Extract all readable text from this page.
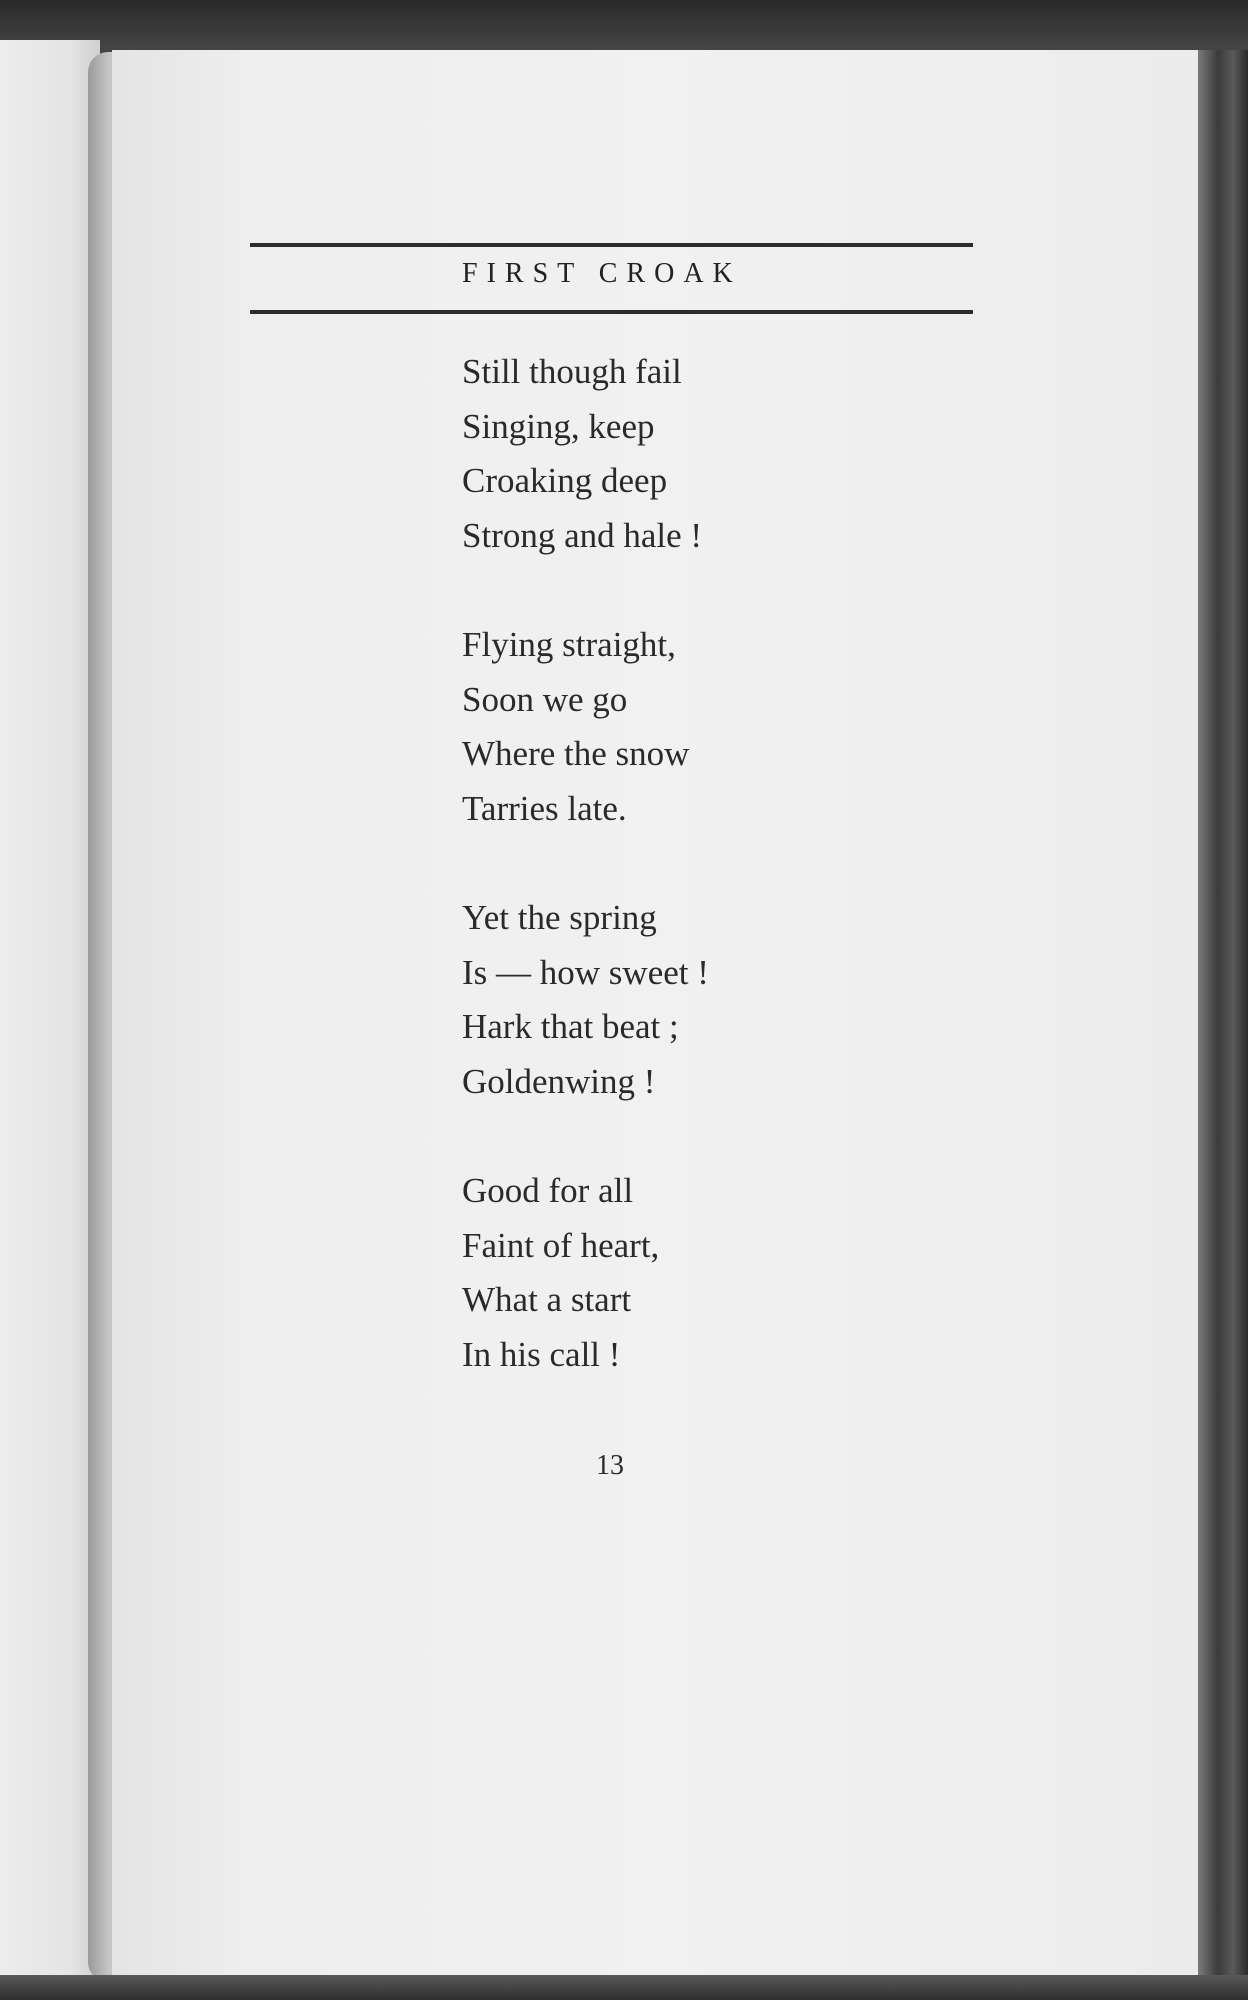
FIRST CROAK
Still though fail
Singing, keep
Croaking deep
Strong and hale !
Flying straight,
Soon we go
Where the snow
Tarries late.
Yet the spring
Is — how sweet !
Hark that beat ;
Goldenwing !
Good for all
Faint of heart,
What a start
In his call !
13
